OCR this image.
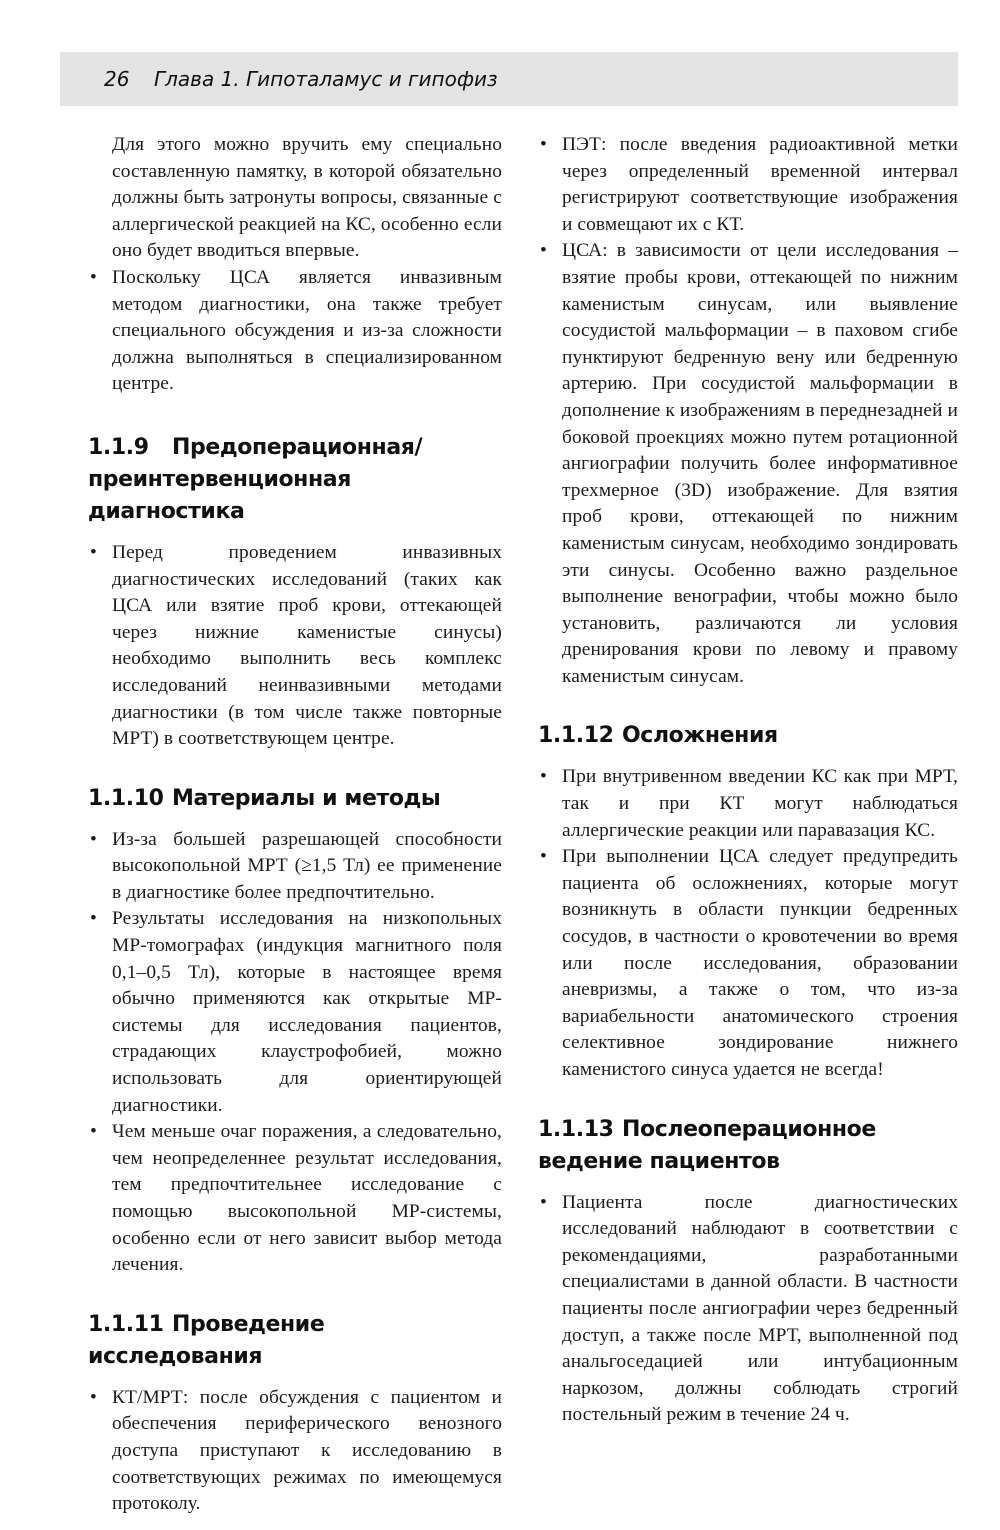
26 Глава 1. Гипоталамус и гипофиз

Для этого можно вручить ему специально составленную памятку, в которой обязательно должны быть затронуты вопросы, связанные с аллергической реакцией на КС, особенно если оно будет вводиться впервые.

• Поскольку ЦСА является инвазивным методом диагностики, она также требует специального обсуждения и из-за сложности должна выполняться в специализированном центре.
1.1.9 Предоперационная/ преинтервенционная диагностика
• Перед проведением инвазивных диагностических исследований (таких как ЦСА или взятие проб крови, оттекающей через нижние каменистые синусы) необходимо выполнить весь комплекс исследований неинвазивными методами диагностики (в том числе также повторные МРТ) в соответствующем центре.
1.1.10 Материалы и методы
• Из-за большей разрешающей способности высокопольной МРТ (≥1,5 Тл) ее применение в диагностике более предпочтительно.
• Результаты исследования на низкопольных МР-томографах (индукция магнитного поля 0,1–0,5 Тл), которые в настоящее время обычно применяются как открытые МР-системы для исследования пациентов, страдающих клаустрофобией, можно использовать для ориентирующей диагностики.
• Чем меньше очаг поражения, а следовательно, чем неопределеннее результат исследования, тем предпочтительнее исследование с помощью высокопольной МР-системы, особенно если от него зависит выбор метода лечения.
1.1.11 Проведение исследования
• КТ/МРТ: после обсуждения с пациентом и обеспечения периферического венозного доступа приступают к исследованию в соответствующих режимах по имеющемуся протоколу.
• ПЭТ: после введения радиоактивной метки через определенный временной интервал регистрируют соответствующие изображения и совмещают их с КТ.
• ЦСА: в зависимости от цели исследования – взятие пробы крови, оттекающей по нижним каменистым синусам, или выявление сосудистой мальформации – в паховом сгибе пунктируют бедренную вену или бедренную артерию. При сосудистой мальформации в дополнение к изображениям в переднезадней и боковой проекциях можно путем ротационной ангиографии получить более информативное трехмерное (3D) изображение. Для взятия проб крови, оттекающей по нижним каменистым синусам, необходимо зондировать эти синусы. Особенно важно раздельное выполнение венографии, чтобы можно было установить, различаются ли условия дренирования крови по левому и правому каменистым синусам.
1.1.12 Осложнения
• При внутривенном введении КС как при МРТ, так и при КТ могут наблюдаться аллергические реакции или паравазация КС.
• При выполнении ЦСА следует предупредить пациента об осложнениях, которые могут возникнуть в области пункции бедренных сосудов, в частности о кровотечении во время или после исследования, образовании аневризмы, а также о том, что из-за вариабельности анатомического строения селективное зондирование нижнего каменистого синуса удается не всегда!
1.1.13 Послеоперационное ведение пациентов
• Пациента после диагностических исследований наблюдают в соответствии с рекомендациями, разработанными специалистами в данной области. В частности пациенты после ангиографии через бедренный доступ, а также после МРТ, выполненной под анальгоседацией или интубационным наркозом, должны соблюдать строгий постельный режим в течение 24 ч.
